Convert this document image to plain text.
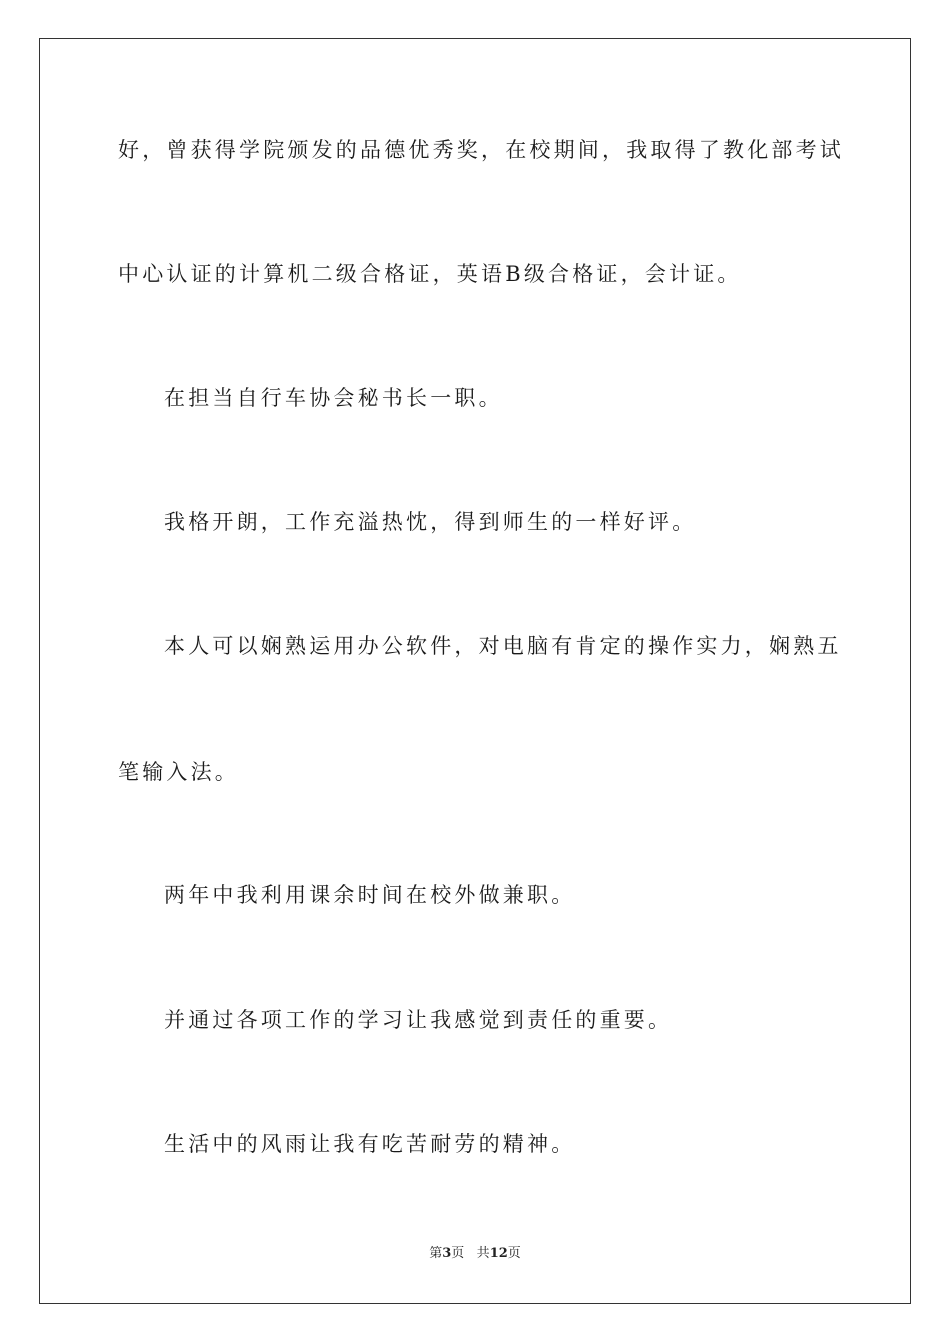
好，曾获得学院颁发的品德优秀奖，在校期间，我取得了教化部考试
中心认证的计算机二级合格证，英语B级合格证，会计证。
在担当自行车协会秘书长一职。
我格开朗，工作充溢热忱，得到师生的一样好评。
本人可以娴熟运用办公软件，对电脑有肯定的操作实力，娴熟五
笔输入法。
两年中我利用课余时间在校外做兼职。
并通过各项工作的学习让我感觉到责任的重要。
生活中的风雨让我有吃苦耐劳的精神。
第3页 共12页
